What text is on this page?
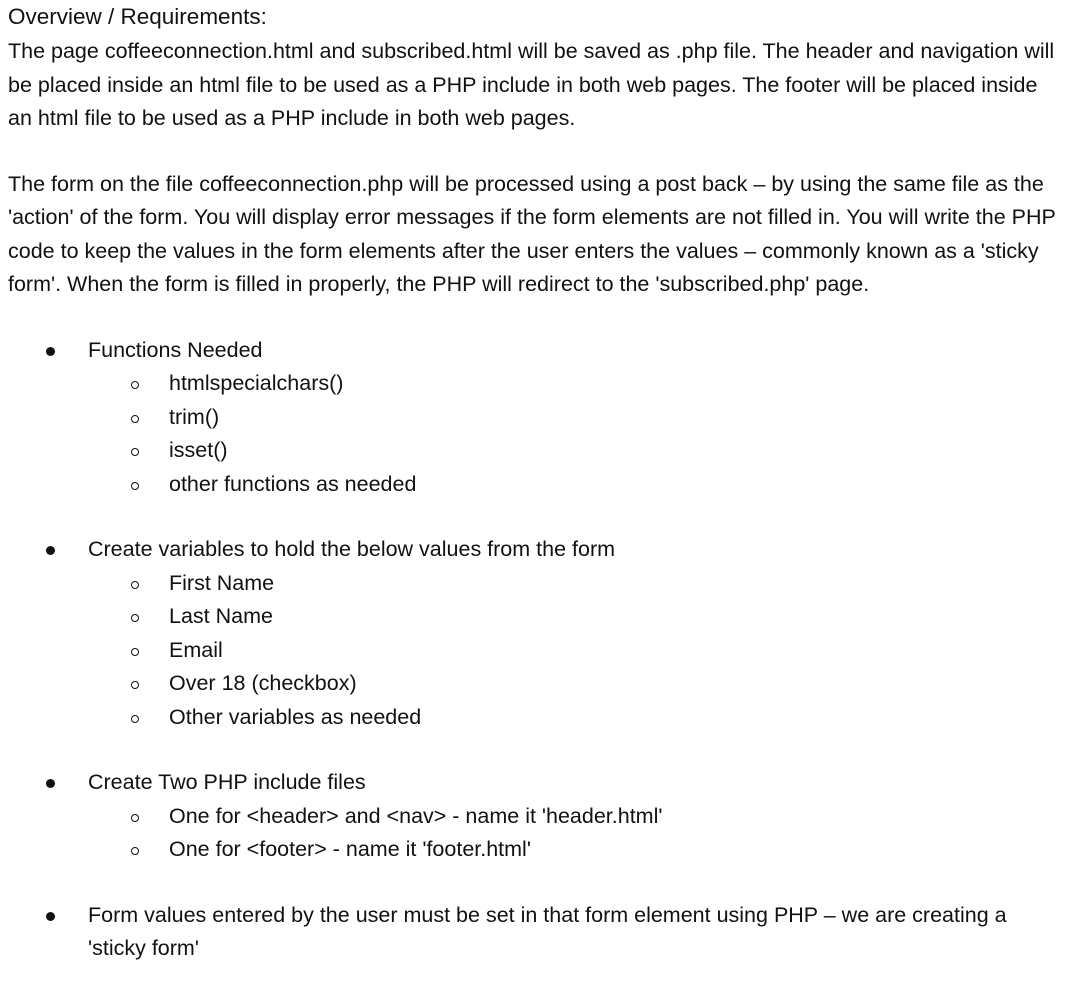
Overview / Requirements:

The page coffeeconnection.html and subscribed.html will be saved as .php file. The header and navigation will be placed inside an html file to be used as a PHP include in both web pages. The footer will be placed inside an html file to be used as a PHP include in both web pages.

The form on the file coffeeconnection.php will be processed using a post back – by using the same file as the 'action' of the form. You will display error messages if the form elements are not filled in. You will write the PHP code to keep the values in the form elements after the user enters the values – commonly known as a 'sticky form'. When the form is filled in properly, the PHP will redirect to the 'subscribed.php' page.

Functions Needed
htmlspecialchars()
trim()
isset()
other functions as needed
Create variables to hold the below values from the form
First Name
Last Name
Email
Over 18 (checkbox)
Other variables as needed
Create Two PHP include files
One for <header> and <nav> - name it 'header.html'
One for <footer> - name it 'footer.html'
Form values entered by the user must be set in that form element using PHP – we are creating a 'sticky form'
